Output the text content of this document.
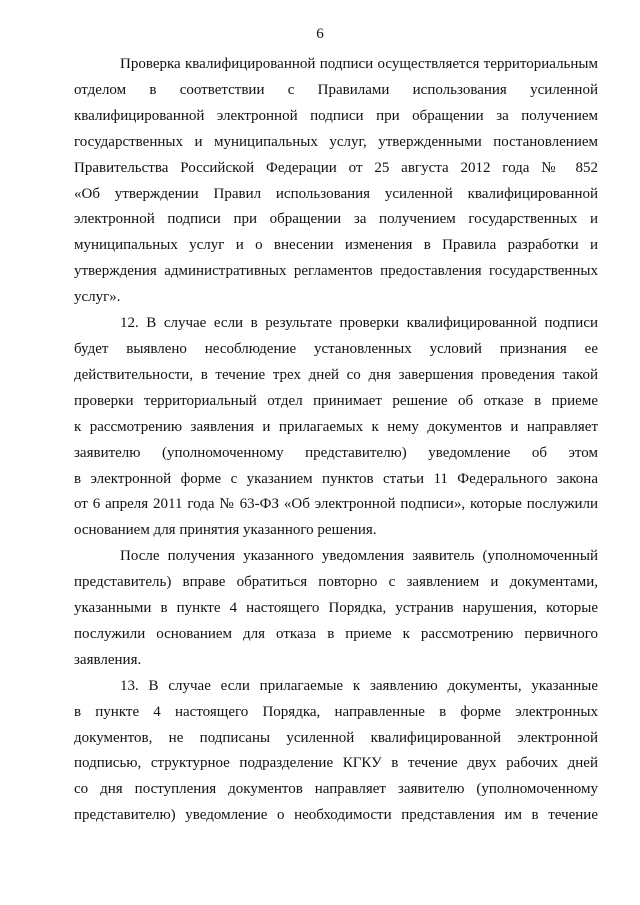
6
Проверка квалифицированной подписи осуществляется территориальным
отделом в соответствии с Правилами использования усиленной
квалифицированной электронной подписи при обращении за получением
государственных и муниципальных услуг, утвержденными постановлением
Правительства Российской Федерации от 25 августа 2012 года № 852
«Об утверждении Правил использования усиленной квалифицированной
электронной подписи при обращении за получением государственных и
муниципальных услуг и о внесении изменения в Правила разработки и
утверждения административных регламентов предоставления государственных
услуг».
12. В случае если в результате проверки квалифицированной подписи
будет выявлено несоблюдение установленных условий признания ее
действительности, в течение трех дней со дня завершения проведения такой
проверки территориальный отдел принимает решение об отказе в приеме
к рассмотрению заявления и прилагаемых к нему документов и направляет
заявителю (уполномоченному представителю) уведомление об этом
в электронной форме с указанием пунктов статьи 11 Федерального закона
от 6 апреля 2011 года № 63-ФЗ «Об электронной подписи», которые послужили
основанием для принятия указанного решения.
После получения указанного уведомления заявитель (уполномоченный
представитель) вправе обратиться повторно с заявлением и документами,
указанными в пункте 4 настоящего Порядка, устранив нарушения, которые
послужили основанием для отказа в приеме к рассмотрению первичного
заявления.
13. В случае если прилагаемые к заявлению документы, указанные
в пункте 4 настоящего Порядка, направленные в форме электронных
документов, не подписаны усиленной квалифицированной электронной
подписью, структурное подразделение КГКУ в течение двух рабочих дней
со дня поступления документов направляет заявителю (уполномоченному
представителю) уведомление о необходимости представления им в течение
